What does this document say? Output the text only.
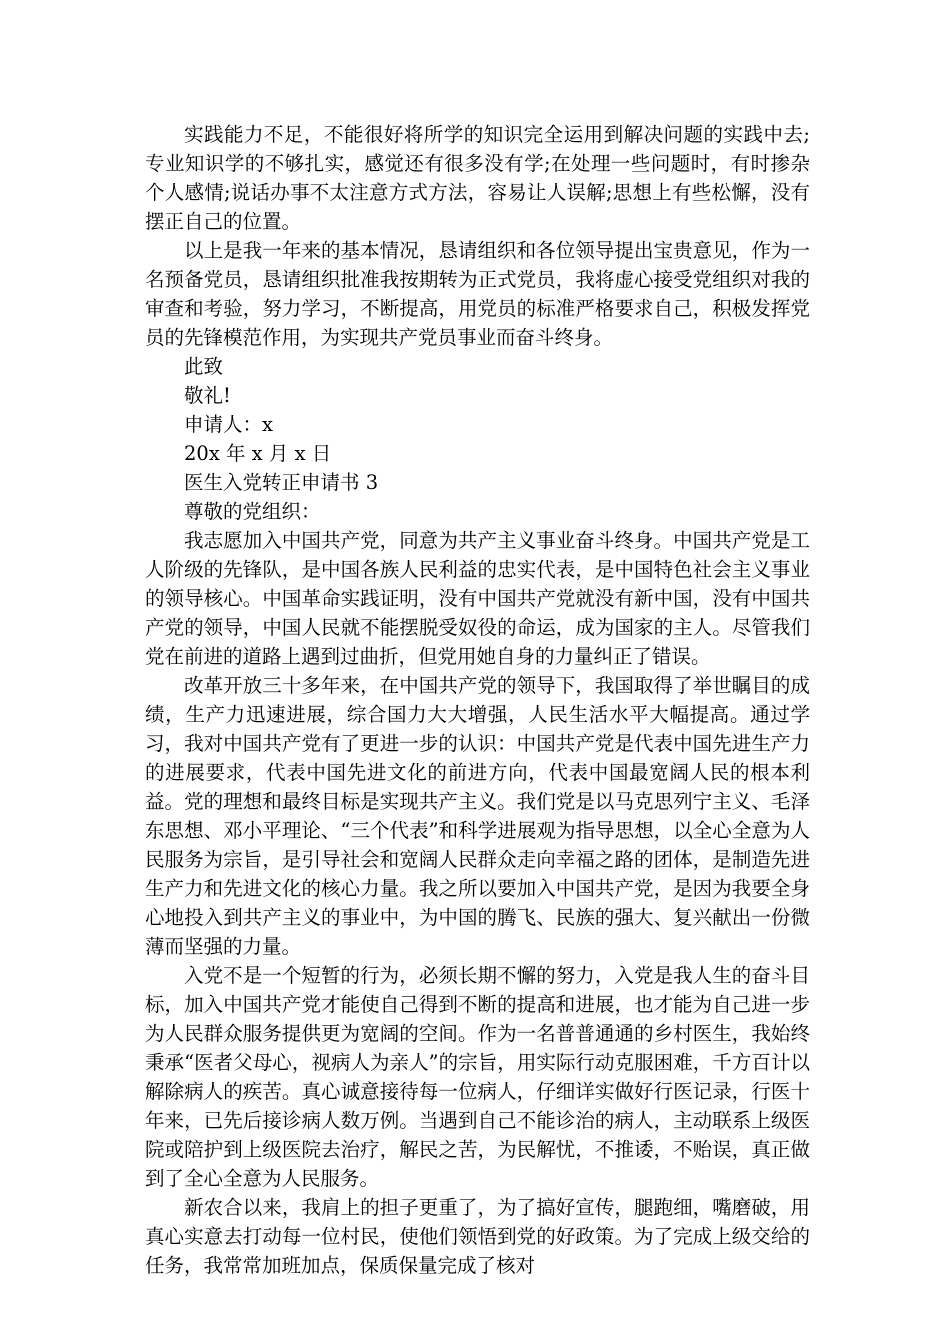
实践能力不足，不能很好将所学的知识完全运用到解决问题的实践中去;专业知识学的不够扎实，感觉还有很多没有学;在处理一些问题时，有时掺杂个人感情;说话办事不太注意方式方法，容易让人误解;思想上有些松懈，没有摆正自己的位置。

以上是我一年来的基本情况，恳请组织和各位领导提出宝贵意见，作为一名预备党员，恳请组织批准我按期转为正式党员，我将虚心接受党组织对我的审查和考验，努力学习，不断提高，用党员的标准严格要求自己，积极发挥党员的先锋模范作用，为实现共产党员事业而奋斗终身。

此致

敬礼!

申请人：x

20x 年 x 月 x 日

医生入党转正申请书 3

尊敬的党组织：

我志愿加入中国共产党，同意为共产主义事业奋斗终身。中国共产党是工人阶级的先锋队，是中国各族人民利益的忠实代表，是中国特色社会主义事业的领导核心。中国革命实践证明，没有中国共产党就没有新中国，没有中国共产党的领导，中国人民就不能摆脱受奴役的命运，成为国家的主人。尽管我们党在前进的道路上遇到过曲折，但党用她自身的力量纠正了错误。

改革开放三十多年来，在中国共产党的领导下，我国取得了举世瞩目的成绩，生产力迅速进展，综合国力大大增强，人民生活水平大幅提高。通过学习，我对中国共产党有了更进一步的认识：中国共产党是代表中国先进生产力的进展要求，代表中国先进文化的前进方向，代表中国最宽阔人民的根本利益。党的理想和最终目标是实现共产主义。我们党是以马克思列宁主义、毛泽东思想、邓小平理论、“三个代表”和科学进展观为指导思想，以全心全意为人民服务为宗旨，是引导社会和宽阔人民群众走向幸福之路的团体，是制造先进生产力和先进文化的核心力量。我之所以要加入中国共产党，是因为我要全身心地投入到共产主义的事业中，为中国的腾飞、民族的强大、复兴献出一份微薄而坚强的力量。

入党不是一个短暂的行为，必须长期不懈的努力，入党是我人生的奋斗目标，加入中国共产党才能使自己得到不断的提高和进展，也才能为自己进一步为人民群众服务提供更为宽阔的空间。作为一名普普通通的乡村医生，我始终秉承“医者父母心，视病人为亲人”的宗旨，用实际行动克服困难，千方百计以解除病人的疾苦。真心诚意接待每一位病人，仔细详实做好行医记录，行医十年来，已先后接诊病人数万例。当遇到自己不能诊治的病人，主动联系上级医院或陪护到上级医院去治疗，解民之苦，为民解忧，不推诿，不贻误，真正做到了全心全意为人民服务。

新农合以来，我肩上的担子更重了，为了搞好宣传，腿跑细，嘴磨破，用真心实意去打动每一位村民，使他们领悟到党的好政策。为了完成上级交给的任务，我常常加班加点，保质保量完成了核对
